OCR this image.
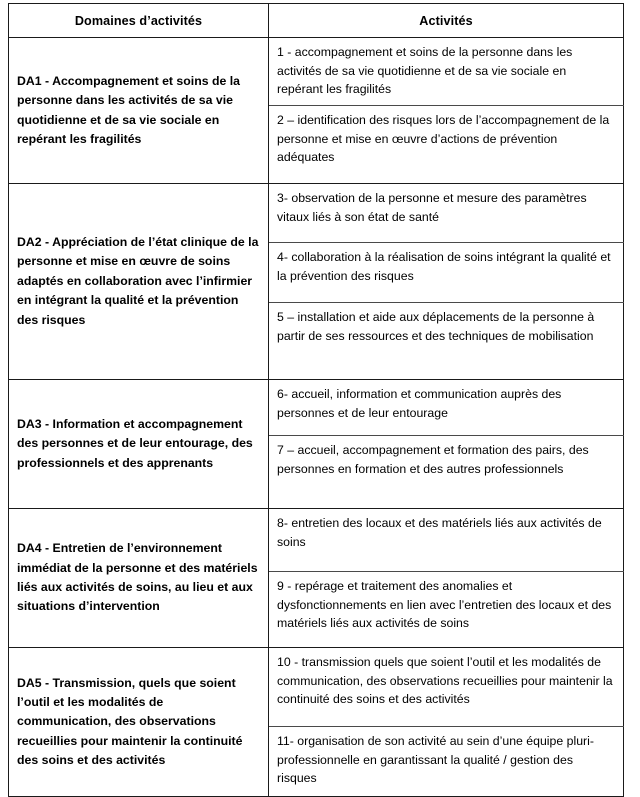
Domaines d’activités	Activités
DA1 - Accompagnement et soins de la personne dans les activités de sa vie quotidienne et de sa vie sociale en repérant les fragilités	1 - accompagnement et soins de la personne dans les activités de sa vie quotidienne et de sa vie sociale en repérant les fragilités
	2 – identification des risques lors de l’accompagnement de la personne et mise en œuvre d’actions de prévention adéquates
DA2 - Appréciation de l’état clinique de la personne et mise en œuvre de soins adaptés en collaboration avec l’infirmier en intégrant la qualité et la prévention des risques	3- observation de la personne et mesure des paramètres vitaux liés à son état de santé
	4- collaboration à la réalisation de soins intégrant la qualité et la prévention des risques
	5 – installation et aide aux déplacements de la personne à partir de ses ressources et des techniques de mobilisation
DA3 - Information et accompagnement des personnes et de leur entourage, des professionnels et des apprenants	6- accueil, information et communication auprès des personnes et de leur entourage
	7 – accueil, accompagnement et formation des pairs, des personnes en formation et des autres professionnels
DA4 - Entretien de l’environnement immédiat de la personne et des matériels liés aux activités de soins, au lieu et aux situations d’intervention	8- entretien des locaux et des matériels liés aux activités de soins
	9 - repérage et traitement des anomalies et dysfonctionnements en lien avec l’entretien des locaux et des matériels liés aux activités de soins
DA5 - Transmission, quels que soient l’outil et les modalités de communication, des observations recueillies pour maintenir la continuité des soins et des activités	10 - transmission quels que soient l’outil et les modalités de communication, des observations recueillies pour maintenir la continuité des soins et des activités
	11- organisation de son activité au sein d’une équipe pluri-professionnelle en garantissant la qualité / gestion des risques
